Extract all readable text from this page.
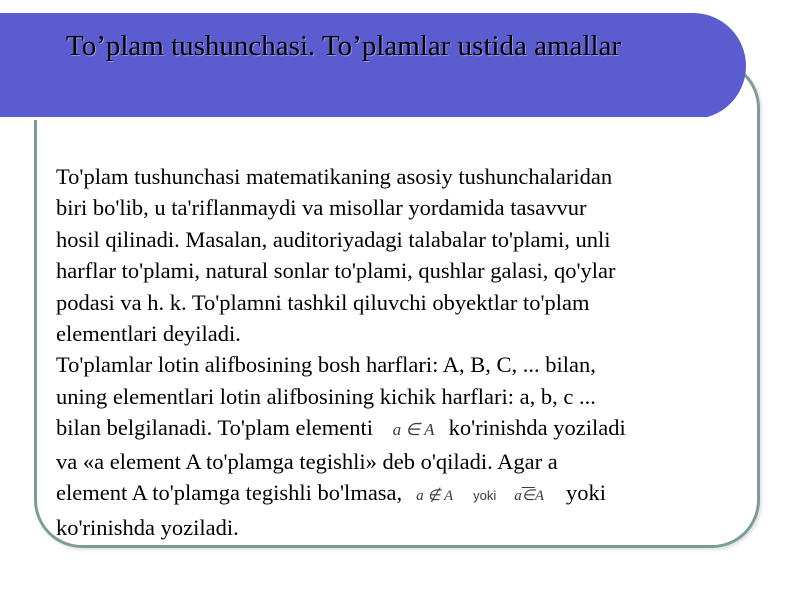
To’plam tushunchasi. To’plamlar ustida amallar
To'plam tushunchasi matematikaning asosiy tushunchalaridan
biri bo'lib, u ta'riflanmaydi va misollar yordamida tasavvur
hosil qilinadi. Masalan, auditoriyadagi talabalar to'plami, unli
harflar to'plami, natural sonlar to'plami, qushlar galasi, qo'ylar
podasi va h. k. To'plamni tashkil qiluvchi obyektlar to'plam
elementlari deyiladi.
To'plamlar lotin alifbosining bosh harflari: A, B, C, ... bilan,
uning elementlari lotin alifbosining kichik harflari: a, b, c ...
bilan belgilanadi. To'plam elementi a ∈ A ko'rinishda yoziladi
va «a element A to'plamga tegishli» deb o'qiladi. Agar a
element A to'plamga tegishli bo'lmasa, a ∉ A yoki a∈A yoki
ko'rinishda yoziladi.
